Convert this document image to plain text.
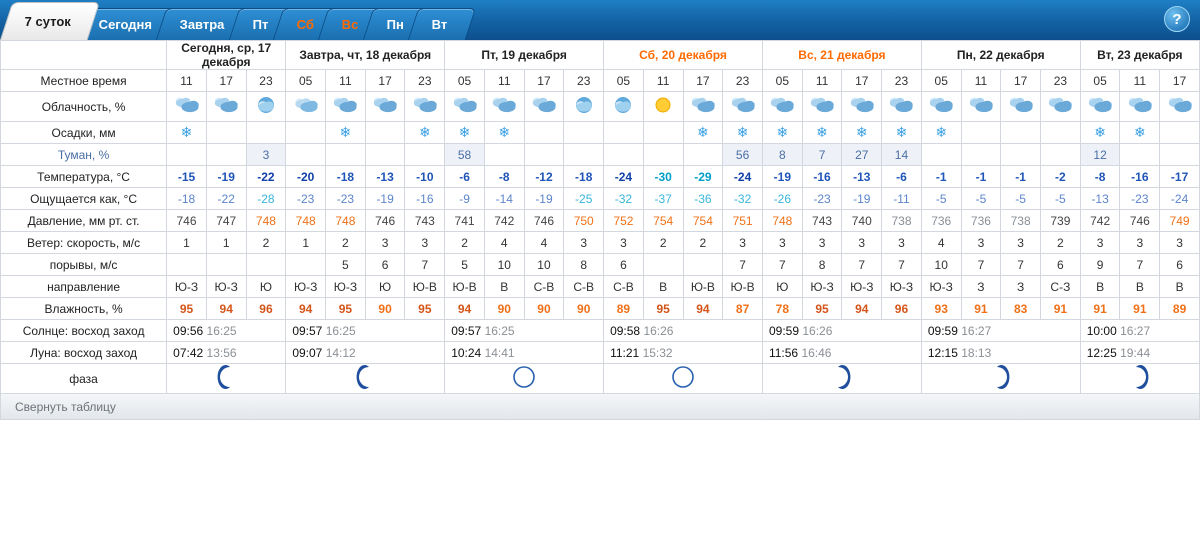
7 суток	Сегодня	Завтра	Пт	Сб	Вс	Пн	Вт	?
	Сегодня, ср, 17 декабря			Завтра, чт, 18 декабря				Пт, 19 декабря				Сб, 20 декабря				Вс, 21 декабря				Пн, 22 декабря				Вт, 23 декабря		
Местное время	11	17	23	05	11	17	23	05	11	17	23	05	11	17	23	05	11	17	23	05	11	17	23	05	11	17
Облачность, %																										
Осадки, мм	❄				❄		❄	❄	❄					❄	❄	❄	❄	❄	❄	❄				❄	❄	
Туман, %			3					58							56	8	7	27	14					12		
Температура, °C	-15	-19	-22	-20	-18	-13	-10	-6	-8	-12	-18	-24	-30	-29	-24	-19	-16	-13	-6	-1	-1	-1	-2	-8	-16	-17
Ощущается как, °C	-18	-22	-28	-23	-23	-19	-16	-9	-14	-19	-25	-32	-37	-36	-32	-26	-23	-19	-11	-5	-5	-5	-5	-13	-23	-24
Давление, мм рт. ст.	746	747	748	748	748	746	743	741	742	746	750	752	754	754	751	748	743	740	738	736	736	738	739	742	746	749
Ветер: скорость, м/с	1	1	2	1	2	3	3	2	4	4	3	3	2	2	3	3	3	3	3	4	3	3	2	3	3	3
порывы, м/с					5	6	7	5	10	10	8	6			7	7	8	7	7	10	7	7	6	9	7	6
направление	Ю-З	Ю-З	Ю	Ю-З	Ю-З	Ю	Ю-В	Ю-В	В	С-В	С-В	С-В	В	Ю-В	Ю-В	Ю	Ю-З	Ю-З	Ю-З	Ю-З	З	З	С-З	В	В	В
Влажность, %	95	94	96	94	95	90	95	94	90	90	90	89	95	94	87	78	95	94	96	93	91	83	91	91	91	89
Солнце: восход заход	09:56 16:25			09:57 16:25				09:57 16:25				09:58 16:26				09:59 16:26				09:59 16:27				10:00 16:27		
Луна: восход заход	07:42 13:56			09:07 14:12				10:24 14:41				11:21 15:32				11:56 16:46				12:15 18:13				12:25 19:44		
фаза							
Свернуть таблицу
